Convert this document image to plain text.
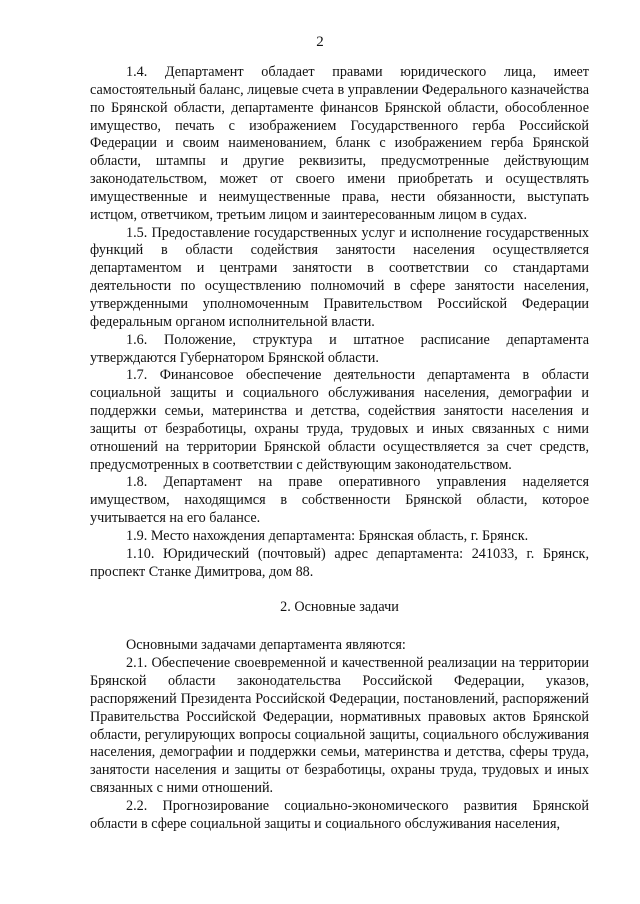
2

1.4. Департамент обладает правами юридического лица, имеет самостоятельный баланс, лицевые счета в управлении Федерального казначейства по Брянской области, департаменте финансов Брянской области, обособленное имущество, печать с изображением Государственного герба Российской Федерации и своим наименованием, бланк с изображением герба Брянской области, штампы и другие реквизиты, предусмотренные действующим законодательством, может от своего имени приобретать и осуществлять имущественные и неимущественные права, нести обязанности, выступать истцом, ответчиком, третьим лицом и заинтересованным лицом в судах.

1.5. Предоставление государственных услуг и исполнение государственных функций в области содействия занятости населения осуществляется департаментом и центрами занятости в соответствии со стандартами деятельности по осуществлению полномочий в сфере занятости населения, утвержденными уполномоченным Правительством Российской Федерации федеральным органом исполнительной власти.

1.6. Положение, структура и штатное расписание департамента утверждаются Губернатором Брянской области.

1.7. Финансовое обеспечение деятельности департамента в области социальной защиты и социального обслуживания населения, демографии и поддержки семьи, материнства и детства, содействия занятости населения и защиты от безработицы, охраны труда, трудовых и иных связанных с ними отношений на территории Брянской области осуществляется за счет средств, предусмотренных в соответствии с действующим законодательством.

1.8. Департамент на праве оперативного управления наделяется имуществом, находящимся в собственности Брянской области, которое учитывается на его балансе.

1.9. Место нахождения департамента: Брянская область, г. Брянск.

1.10. Юридический (почтовый) адрес департамента: 241033, г. Брянск, проспект Станке Димитрова, дом 88.

2. Основные задачи

Основными задачами департамента являются:

2.1. Обеспечение своевременной и качественной реализации на территории Брянской области законодательства Российской Федерации, указов, распоряжений Президента Российской Федерации, постановлений, распоряжений Правительства Российской Федерации, нормативных правовых актов Брянской области, регулирующих вопросы социальной защиты, социального обслуживания населения, демографии и поддержки семьи, материнства и детства, сферы труда, занятости населения и защиты от безработицы, охраны труда, трудовых и иных связанных с ними отношений.

2.2. Прогнозирование социально-экономического развития Брянской области в сфере социальной защиты и социального обслуживания населения,
